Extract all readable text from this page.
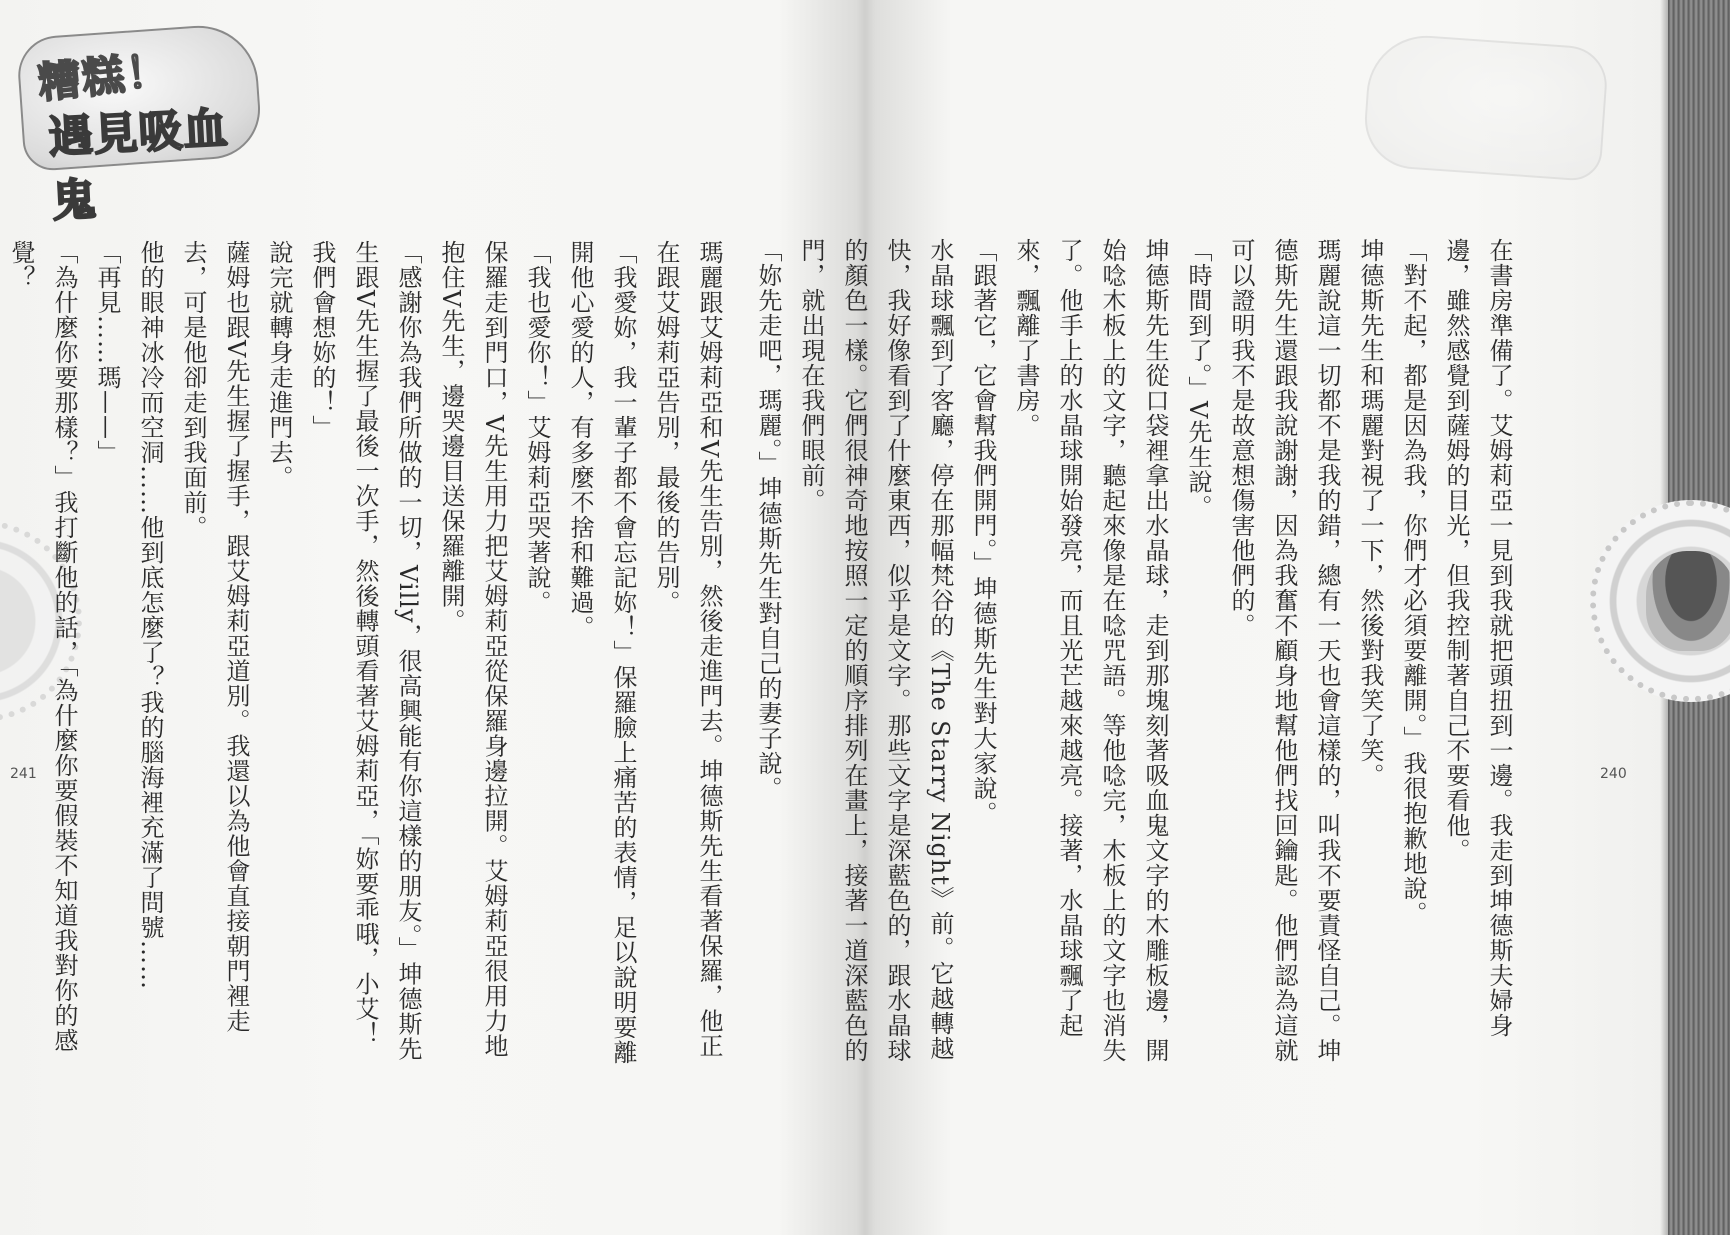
糟糕！
遇見吸血鬼
241	240

瑪麗跟艾姆莉亞和V先生告別，然後走進門去。坤德斯先生看著保羅，他正在跟艾姆莉亞告別，最後的告別。

「我愛妳，我一輩子都不會忘記妳！」保羅臉上痛苦的表情，足以說明要離開他心愛的人，有多麼不捨和難過。

「我也愛你！」艾姆莉亞哭著說。

保羅走到門口，V先生用力把艾姆莉亞從保羅身邊拉開。艾姆莉亞很用力地抱住V先生，邊哭邊目送保羅離開。

「感謝你為我們所做的一切，Villy，很高興能有你這樣的朋友。」坤德斯先生跟V先生握了最後一次手，然後轉頭看著艾姆莉亞，「妳要乖哦，小艾！我們會想妳的！」

說完就轉身走進門去。

薩姆也跟V先生握了握手，跟艾姆莉亞道別。我還以為他會直接朝門裡走去，可是他卻走到我面前。

他的眼神冰冷而空洞……他到底怎麼了？我的腦海裡充滿了問號……

「再見……瑪——」

「為什麼你要那樣？」我打斷他的話，「為什麼你要假裝不知道我對你的感覺？	在書房準備了。艾姆莉亞一見到我就把頭扭到一邊。我走到坤德斯夫婦身邊，雖然感覺到薩姆的目光，但我控制著自己不要看他。

「對不起，都是因為我，你們才必須要離開。」我很抱歉地說。

坤德斯先生和瑪麗對視了一下，然後對我笑了笑。

瑪麗說這一切都不是我的錯，總有一天也會這樣的，叫我不要責怪自己。坤德斯先生還跟我說謝謝，因為我奮不顧身地幫他們找回鑰匙。他們認為這就可以證明我不是故意想傷害他們的。

「時間到了。」V先生說。

坤德斯先生從口袋裡拿出水晶球，走到那塊刻著吸血鬼文字的木雕板邊，開始唸木板上的文字，聽起來像是在唸咒語。等他唸完，木板上的文字也消失了。他手上的水晶球開始發亮，而且光芒越來越亮。接著，水晶球飄了起來，飄離了書房。

「跟著它，它會幫我們開門。」坤德斯先生對大家說。

水晶球飄到了客廳，停在那幅梵谷的《The Starry Night》前。它越轉越快，我好像看到了什麼東西，似乎是文字。那些文字是深藍色的，跟水晶球的顏色一樣。它們很神奇地按照一定的順序排列在畫上，接著一道深藍色的門，就出現在我們眼前。

「妳先走吧，瑪麗。」坤德斯先生對自己的妻子說。
